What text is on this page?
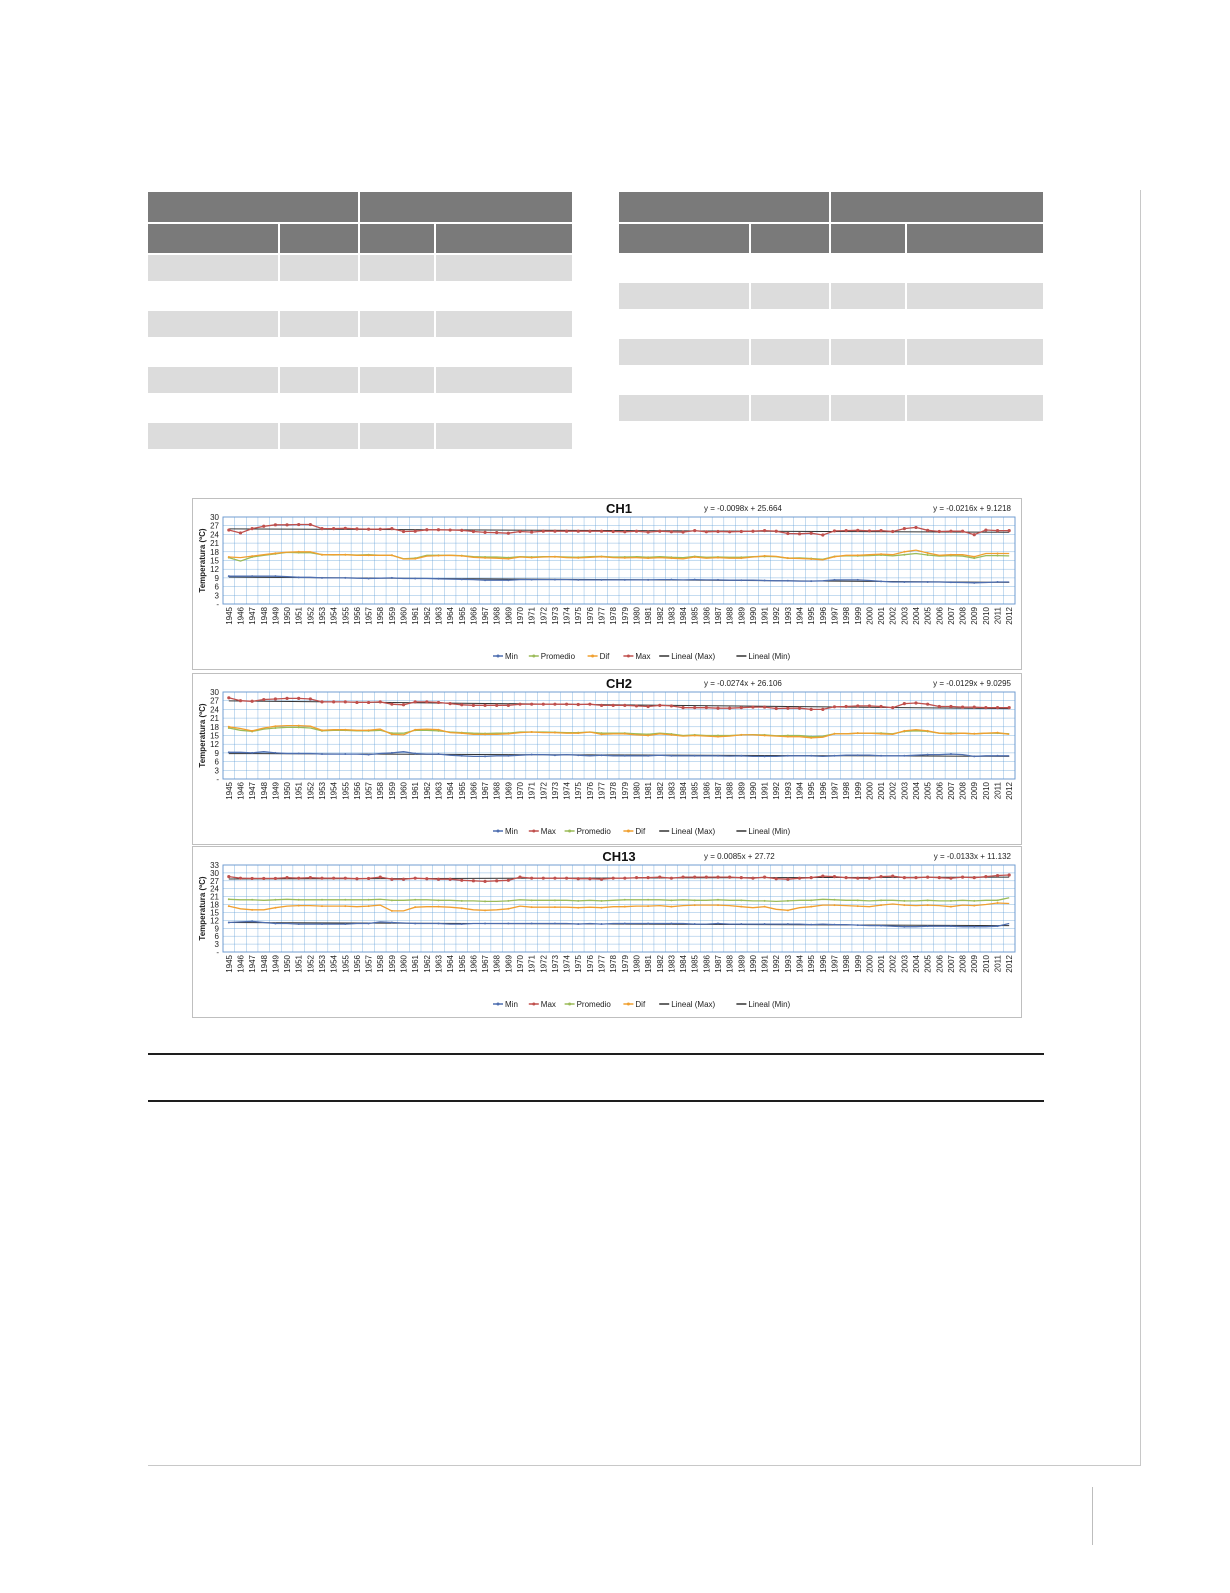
-
3
6
9
12
15
18
21
24
27
30
Temperatura (ºC)
CH1	y = -0.0098x + 25.664	y = -0.0216x + 9.1218
1945 1946 1947 1948 1949 1950 1951 1952 1953 1954 1955 1956 1957 1958 1959 1960 1961 1962 1963 1964 1965 1966 1967 1968 1969 1970 1971 1972 1973 1974 1975 1976 1977 1978 1979 1980 1981 1982 1983 1984 1985 1986 1987 1988 1989 1990 1991 1992 1993 1994 1995 1996 1997 1998 1999 2000 2001 2002 2003 2004 2005 2006 2007 2008 2009 2010 2011 2012
Min	Promedio	Dif	Max	Lineal (Max)	Lineal (Min)
-
3
6
9
12
15
18
21
24
27
30
Temperatura (ºC)
CH2	y = -0.0274x + 26.106	y = -0.0129x + 9.0295
1945 1946 1947 1948 1949 1950 1951 1952 1953 1954 1955 1956 1957 1958 1959 1960 1961 1962 1963 1964 1965 1966 1967 1968 1969 1970 1971 1972 1973 1974 1975 1976 1977 1978 1979 1980 1981 1982 1983 1984 1985 1986 1987 1988 1989 1990 1991 1992 1993 1994 1995 1996 1997 1998 1999 2000 2001 2002 2003 2004 2005 2006 2007 2008 2009 2010 2011 2012
Min	Max	Promedio	Dif	Lineal (Max)	Lineal (Min)
-
3
6
9
12
15
18
21
24
27
30
33
Temperatura (ºC)
CH13	y = 0.0085x + 27.72	y = -0.0133x + 11.132
1945 1946 1947 1948 1949 1950 1951 1952 1953 1954 1955 1956 1957 1958 1959 1960 1961 1962 1963 1964 1965 1966 1967 1968 1969 1970 1971 1972 1973 1974 1975 1976 1977 1978 1979 1980 1981 1982 1983 1984 1985 1986 1987 1988 1989 1990 1991 1992 1993 1994 1995 1996 1997 1998 1999 2000 2001 2002 2003 2004 2005 2006 2007 2008 2009 2010 2011 2012
Min	Max	Promedio	Dif	Lineal (Max)	Lineal (Min)
